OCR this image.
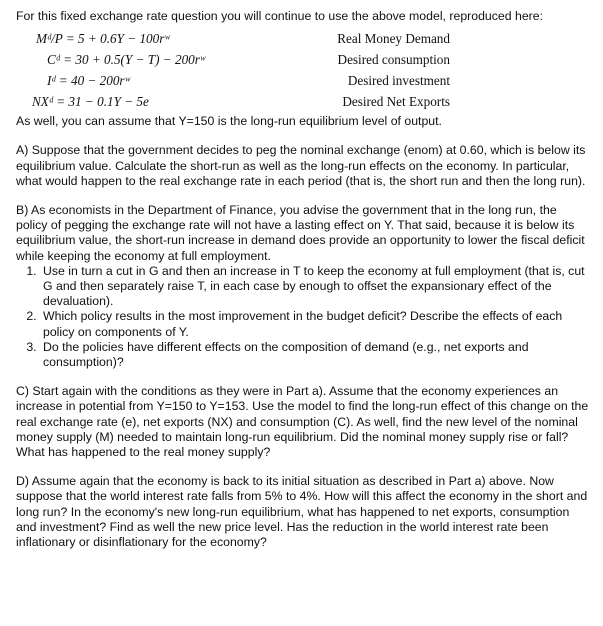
For this fixed exchange rate question you will continue to use the above model, reproduced here:

Mᵈ/P = 5 + 0.6Y − 100rʷ	Real Money Demand
Cᵈ = 30 + 0.5(Y − T) − 200rʷ	Desired consumption
Iᵈ = 40 − 200rʷ	Desired investment
NXᵈ = 31 − 0.1Y − 5e	Desired Net Exports

As well, you can assume that Y=150 is the long-run equilibrium level of output.

A) Suppose that the government decides to peg the nominal exchange (enom) at 0.60, which is below its equilibrium value. Calculate the short-run as well as the long-run effects on the economy. In particular, what would happen to the real exchange rate in each period (that is, the short run and then the long run).

B) As economists in the Department of Finance, you advise the government that in the long run, the policy of pegging the exchange rate will not have a lasting effect on Y. That said, because it is below its equilibrium value, the short-run increase in demand does provide an opportunity to lower the fiscal deficit while keeping the economy at full employment.

1. Use in turn a cut in G and then an increase in T to keep the economy at full employment (that is, cut G and then separately raise T, in each case by enough to offset the expansionary effect of the devaluation).
2. Which policy results in the most improvement in the budget deficit? Describe the effects of each policy on components of Y.
3. Do the policies have different effects on the composition of demand (e.g., net exports and consumption)?

C) Start again with the conditions as they were in Part a). Assume that the economy experiences an increase in potential from Y=150 to Y=153. Use the model to find the long-run effect of this change on the real exchange rate (e), net exports (NX) and consumption (C). As well, find the new level of the nominal money supply (M) needed to maintain long-run equilibrium. Did the nominal money supply rise or fall? What has happened to the real money supply?

D) Assume again that the economy is back to its initial situation as described in Part a) above. Now suppose that the world interest rate falls from 5% to 4%. How will this affect the economy in the short and long run? In the economy's new long-run equilibrium, what has happened to net exports, consumption and investment? Find as well the new price level. Has the reduction in the world interest rate been inflationary or disinflationary for the economy?
